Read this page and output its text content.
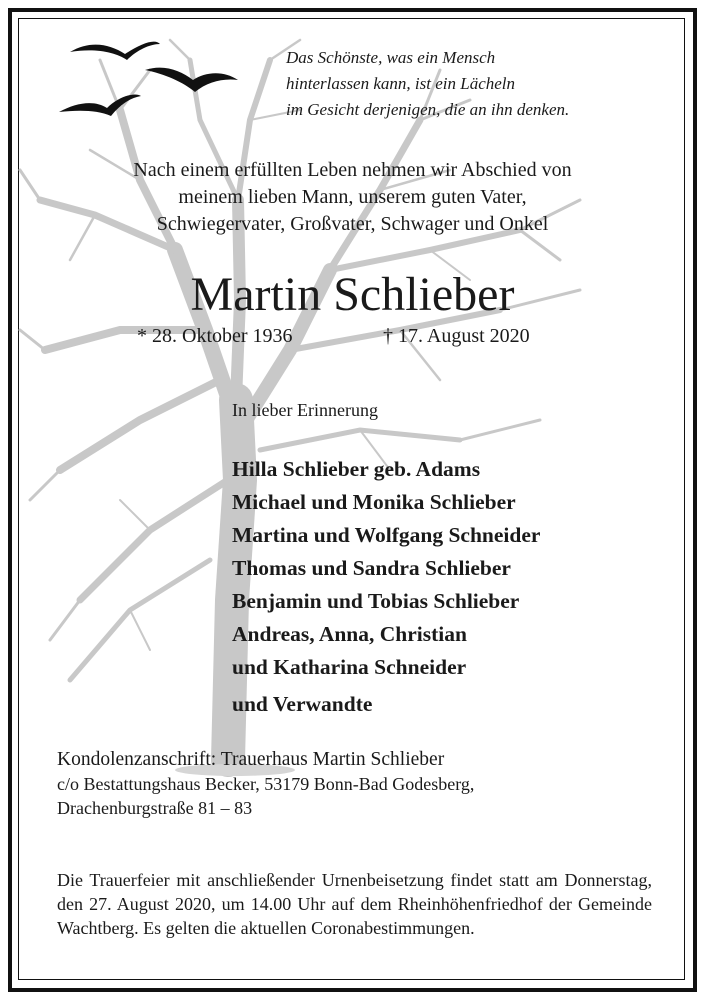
Das Schönste, was ein Mensch
hinterlassen kann, ist ein Lächeln
im Gesicht derjenigen, die an ihn denken.
Nach einem erfüllten Leben nehmen wir Abschied von
meinem lieben Mann, unserem guten Vater,
Schwiegervater, Großvater, Schwager und Onkel
Martin Schlieber
* 28. Oktober 1936	† 17. August 2020
In lieber Erinnerung
Hilla Schlieber geb. Adams
Michael und Monika Schlieber
Martina und Wolfgang Schneider
Thomas und Sandra Schlieber
Benjamin und Tobias Schlieber
Andreas, Anna, Christian
und Katharina Schneider
und Verwandte
Kondolenzanschrift: Trauerhaus Martin Schlieber
c/o Bestattungshaus Becker, 53179 Bonn-Bad Godesberg,
Drachenburgstraße 81 – 83

Die Trauerfeier mit anschließender Urnenbeisetzung findet statt am Donnerstag, den 27. August 2020, um 14.00 Uhr auf dem Rheinhöhenfriedhof der Gemeinde Wachtberg. Es gelten die aktuellen Coronabestimmungen.
